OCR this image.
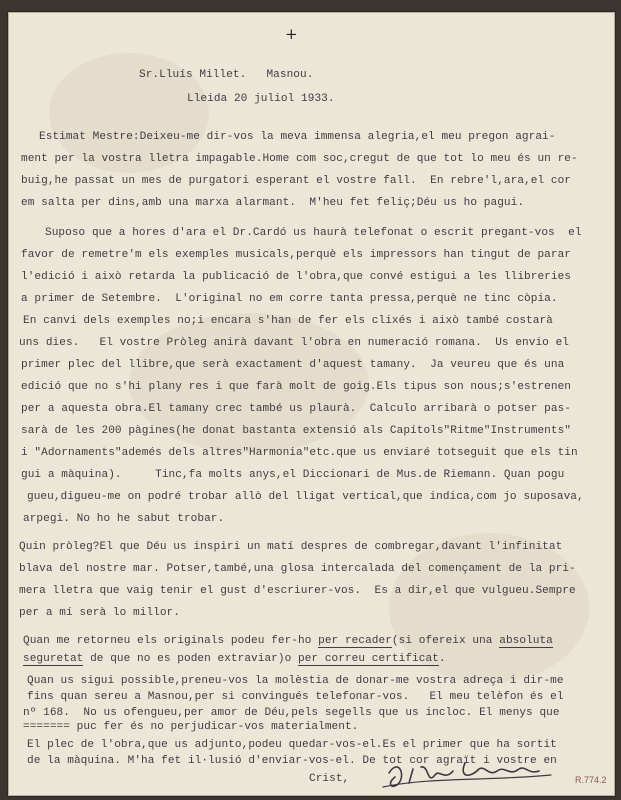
+
Sr.Lluís Millet. Masnou.
Lleida 20 juliol 1933.
R.774.2
Estimat Mestre:Deixeu-me dir-vos la meva immensa alegria,el meu pregon agrai-
ment per la vostra lletra impagable.Home com soc,cregut de que tot lo meu és un re-
buig,he passat un mes de purgatori esperant el vostre fall.  En rebre'l,ara,el cor
em salta per dins,amb una marxa alarmant.  M'heu fet feliç;Déu us ho pagui.
Suposo que a hores d'ara el Dr.Cardó us haurà telefonat o escrit pregant-vos  el
favor de remetre'm els exemples musicals,perquè els impressors han tingut de parar
l'edició i això retarda la publicació de l'obra,que convé estigui a les llibreries
a primer de Setembre.  L'original no em corre tanta pressa,perquè ne tinc còpia.
En canvi dels exemples no;i encara s'han de fer els clixés i això també costarà
uns dies.   El vostre Pròleg anirà davant l'obra en numeració romana.  Us envio el
primer plec del llibre,que serà exactament d'aquest tamany.  Ja veureu que és una
edició que no s'hi plany res i que farà molt de goig.Els tipus son nous;s'estrenen
per a aquesta obra.El tamany crec també us plaurà.  Calculo arribarà o potser pas-
sarà de les 200 pàgines(he donat bastanta extensió als Capítols"Ritme"Instruments"
i "Adornaments"ademés dels altres"Harmonia"etc.que us enviaré totseguit que els tin
gui a màquina).     Tinc,fa molts anys,el Diccionari de Mus.de Riemann. Quan pogu
gueu,digueu-me on podré trobar allò del lligat vertical,que indica,com jo suposava,
arpegi. No ho he sabut trobar.
Quin pròleg?El que Déu us inspiri un matí despres de combregar,davant l'infinitat
blava del nostre mar. Potser,també,una glosa intercalada del començament de la pri-
mera lletra que vaig tenir el gust d'escriurer-vos.  Es a dir,el que vulgueu.Sempre
per a mí serà lo millor.
Quan me retorneu els originals podeu fer-ho per recader(si ofereix una absoluta
seguretat de que no es poden extraviar)o per correu certificat.
Quan us sigui possible,preneu-vos la molèstia de donar-me vostra adreça i dir-me
fins quan sereu a Masnou,per si convingués telefonar-vos.   El meu telèfon és el
nº 168.  No us ofengueu,per amor de Déu,pels segells que us incloc. El menys que
======= puc fer és no perjudicar-vos materialment.
El plec de l'obra,que us adjunto,podeu quedar-vos-el.Es el primer que ha sortit
de la màquina. M'ha fet il·lusió d'enviar-vos-el. De tot cor agraït i vostre en
Crist,
